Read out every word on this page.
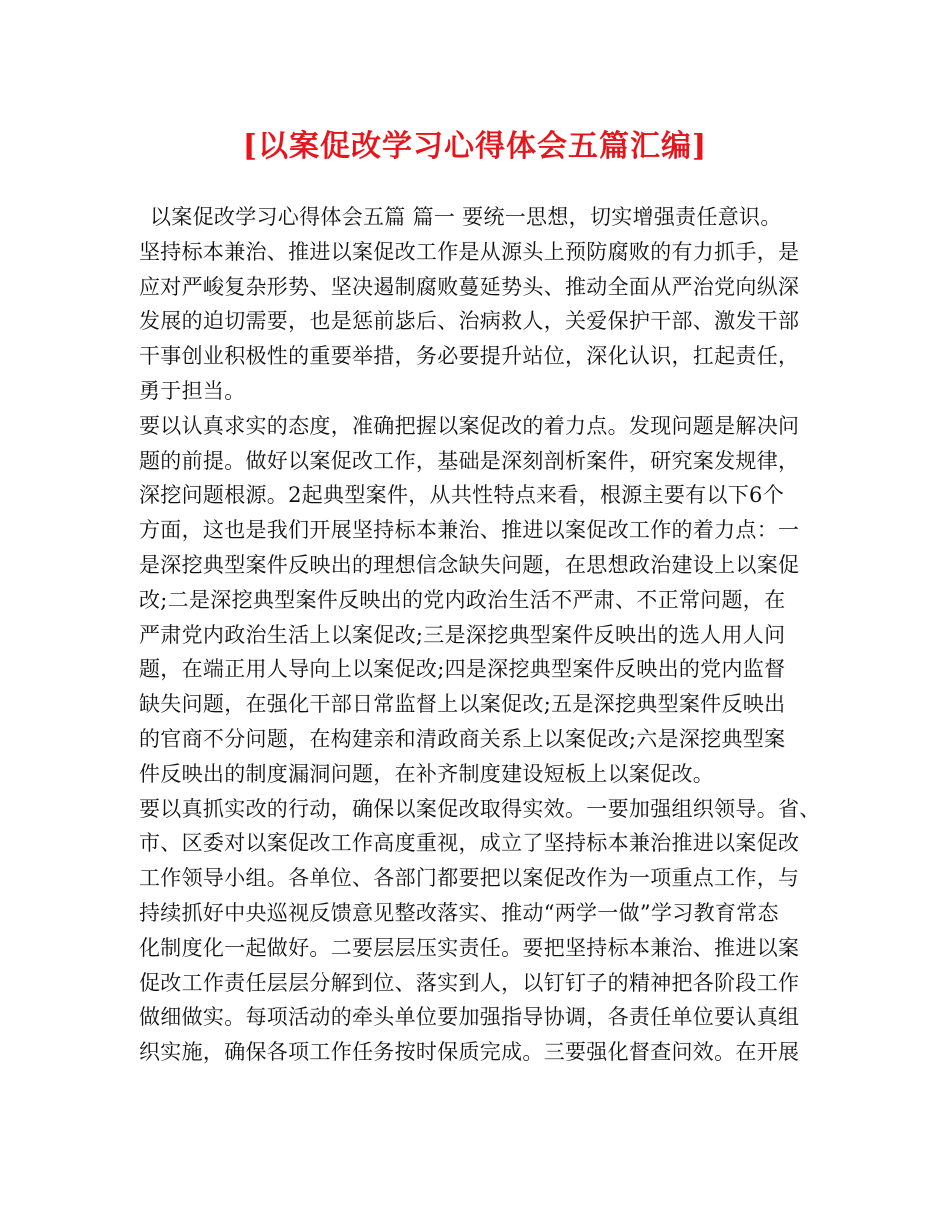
[以案促改学习心得体会五篇汇编]
以案促改学习心得体会五篇 篇一 要统一思想，切实增强责任意识。
坚持标本兼治、推进以案促改工作是从源头上预防腐败的有力抓手，是
应对严峻复杂形势、坚决遏制腐败蔓延势头、推动全面从严治党向纵深
发展的迫切需要，也是惩前毖后、治病救人，关爱保护干部、激发干部
干事创业积极性的重要举措，务必要提升站位，深化认识，扛起责任，
勇于担当。
要以认真求实的态度，准确把握以案促改的着力点。发现问题是解决问
题的前提。做好以案促改工作，基础是深刻剖析案件，研究案发规律，
深挖问题根源。2起典型案件，从共性特点来看，根源主要有以下6个
方面，这也是我们开展坚持标本兼治、推进以案促改工作的着力点：一
是深挖典型案件反映出的理想信念缺失问题，在思想政治建设上以案促
改;二是深挖典型案件反映出的党内政治生活不严肃、不正常问题，在
严肃党内政治生活上以案促改;三是深挖典型案件反映出的选人用人问
题，在端正用人导向上以案促改;四是深挖典型案件反映出的党内监督
缺失问题，在强化干部日常监督上以案促改;五是深挖典型案件反映出
的官商不分问题，在构建亲和清政商关系上以案促改;六是深挖典型案
件反映出的制度漏洞问题，在补齐制度建设短板上以案促改。
要以真抓实改的行动，确保以案促改取得实效。一要加强组织领导。省、
市、区委对以案促改工作高度重视，成立了坚持标本兼治推进以案促改
工作领导小组。各单位、各部门都要把以案促改作为一项重点工作，与
持续抓好中央巡视反馈意见整改落实、推动“两学一做”学习教育常态
化制度化一起做好。二要层层压实责任。要把坚持标本兼治、推进以案
促改工作责任层层分解到位、落实到人，以钉钉子的精神把各阶段工作
做细做实。每项活动的牵头单位要加强指导协调，各责任单位要认真组
织实施，确保各项工作任务按时保质完成。三要强化督查问效。在开展
